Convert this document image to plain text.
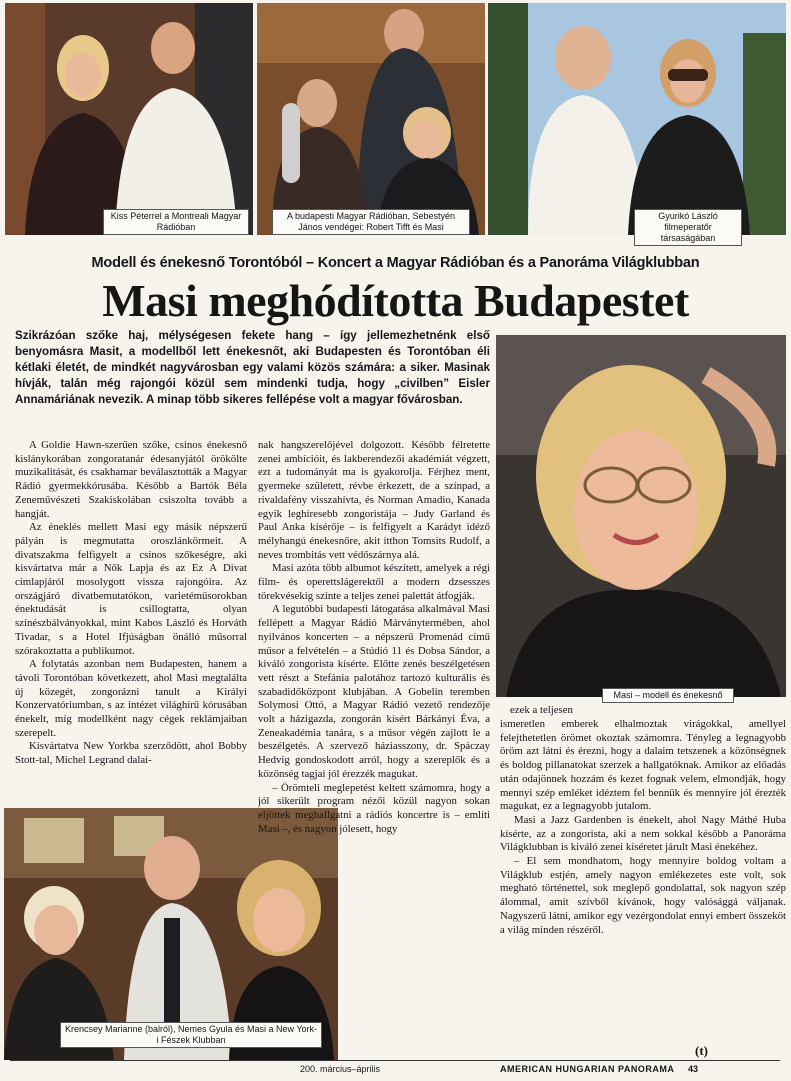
Kiss Péterrel a Montreali Magyar Rádióban
A budapesti Magyar Rádióban, Sebestyén János vendégei: Robert Tifft és Masi
Gyurikó László filmeperatőr társaságában
Modell és énekesnő Torontóból – Koncert a Magyar Rádióban és a Panoráma Világklubban
Masi meghódította Budapestet
Szikrázóan szőke haj, mélységesen fekete hang – így jellemezhetnénk első benyomásra Masit, a modellből lett énekesnőt, aki Budapesten és Torontóban éli kétlaki életét, de mindkét nagyvárosban egy valami közös számára: a siker. Masinak hívják, talán még rajongói közül sem mindenki tudja, hogy „civilben” Eisler Annamáriának nevezik. A minap több sikeres fellépése volt a magyar fővárosban.
Masi – modell és énekesnő
Krencsey Marianne (balról), Nemes Gyula és Masi a New York-i Fészek Klubban

A Goldie Hawn-szerűen szőke, csinos énekesnő kislánykorában zongoratanár édesanyjától örökölte muzikalitását, és csakhamar beválasztották a Magyar Rádió gyermekkórusába. Később a Bartók Béla Zeneművészeti Szakiskolában csiszolta tovább a hangját.

Az éneklés mellett Masi egy másik népszerű pályán is megmutatta oroszlánkörmeit. A divatszakma felfigyelt a csinos szőkeségre, aki kisvártatva már a Nők Lapja és az Ez A Divat címlapjáról mosolygott vissza rajongóira. Az országjáró divatbemutatókon, varietéműsorokban énektudását is csillogtatta, olyan színészbálványokkal, mint Kabos László és Horváth Tivadar, s a Hotel Ifjúságban önálló műsorral szórakoztatta a publikumot.

A folytatás azonban nem Budapesten, hanem a távoli Torontóban következett, ahol Masi megtalálta új közegét, zongorázni tanult a Királyi Konzervatóriumban, s az intézet világhírű kórusában énekelt, míg modellként nagy cégek reklámjaiban szerepelt.

Kisvártatva New Yorkba szerződött, ahol Bobby Stott-tal, Michel Legrand dalai-

nak hangszerelőjével dolgozott. Később félretette zenei ambícióit, és lakberendezői akadémiát végzett, ezt a tudományát ma is gyakorolja. Férjhez ment, gyermeke született, révbe érkezett, de a színpad, a rivaldafény visszahívta, és Norman Amadio, Kanada egyik leghíresebb zongoristája – Judy Garland és Paul Anka kísérője – is felfigyelt a Karádyt idéző mélyhangú énekesnőre, akit itthon Tomsits Rudolf, a neves trombitás vett védőszárnya alá.

Masi azóta több albumot készített, amelyek a régi film- és operettslágerektől a modern dzsesszes törekvésekig szinte a teljes zenei palettát átfogják.

A legutóbbi budapesti látogatása alkalmával Masi fellépett a Magyar Rádió Márványtermében, ahol nyilvános koncerten – a népszerű Promenád című műsor a felvételén – a Stúdió 11 és Dobsa Sándor, a kiváló zongorista kísérte. Előtte zenés beszélgetésen vett részt a Stefánia palotához tartozó kulturális és szabadidőközpont klubjában. A Gobelin teremben Solymosi Ottó, a Magyar Rádió vezető rendezője volt a házigazda, zongorán kísért Bárkányi Éva, a Zeneakadémia tanára, s a műsor végén zajlott le a beszélgetés. A szervező háziasszony, dr. Spáczay Hedvig gondoskodott arról, hogy a szereplők és a közönség tagjai jól érezzék magukat.

– Örömteli meglepetést keltett számomra, hogy a jól sikerült program nézői közül nagyon sokan eljöttek meghallgatni a rádiós koncertre is – említi Masi –, és nagyon jólesett, hogy

ezek a teljesen

ismeretlen emberek elhalmoztak virágokkal, amellyel felejthetetlen örömet okoztak számomra. Tényleg a legnagyobb öröm azt látni és érezni, hogy a dalaim tetszenek a közönségnek és boldog pillanatokat szerzek a hallgatóknak. Amikor az előadás után odajönnek hozzám és kezet fognak velem, elmondják, hogy mennyi szép emléket idéztem fel bennük és mennyire jól érezték magukat, ez a legnagyobb jutalom.

Masi a Jazz Gardenben is énekelt, ahol Nagy Máthé Huba kísérte, az a zongorista, aki a nem sokkal később a Panoráma Világklubban is kiváló zenei kíséretet járult Masi énekéhez.

– El sem mondhatom, hogy mennyire boldog voltam a Világklub estjén, amely nagyon emlékezetes este volt, sok megható történettel, sok meglepő gondolattal, sok nagyon szép álommal, amit szívből kívánok, hogy valósággá váljanak. Nagyszerű látni, amikor egy vezérgondolat ennyi embert összeköt a világ minden részéről.

(t)
200. március–április	AMERICAN HUNGARIAN PANORAMA 43
